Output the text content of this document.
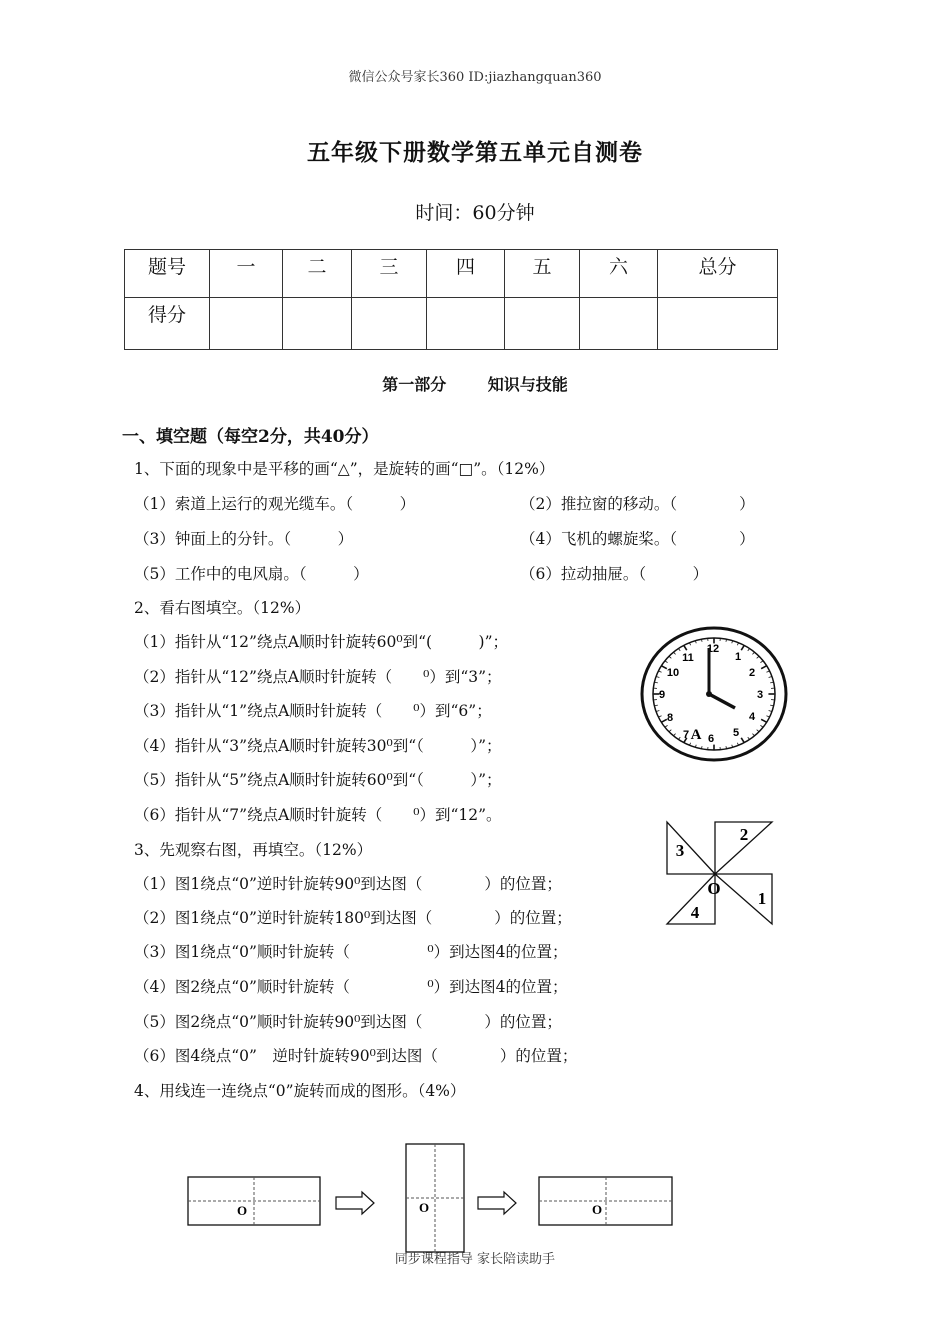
微信公众号家长360 ID:jiazhangquan360
五年级下册数学第五单元自测卷
时间：60分钟
题号	一	二	三	四	五	六	总分
得分							
第一部分	知识与技能
一、填空题（每空2分，共40分）
1、下面的现象中是平移的画“△”，是旋转的画“□”。（12%）
（1）索道上运行的观光缆车。（　　　）	（2）推拉窗的移动。（　　　　）
（3）钟面上的分针。（　　　）	（4）飞机的螺旋桨。（　　　　）
（5）工作中的电风扇。（　　　）	（6）拉动抽屉。（　　　）
2、看右图填空。（12%）
（1）指针从“12”绕点A顺时针旋转60⁰到“(　　　)”；
（2）指针从“12”绕点A顺时针旋转（　　⁰）到“3”；
（3）指针从“1”绕点A顺时针旋转（　　⁰）到“6”；
（4）指针从“3”绕点A顺时针旋转30⁰到“（　　　）”；
（5）指针从“5”绕点A顺时针旋转60⁰到“（　　　）”；
（6）指针从“7”绕点A顺时针旋转（　　⁰）到“12”。
12
1
2
3
4
5
6
7
8
9
10
11
A
3、先观察右图，再填空。（12%）
（1）图1绕点“0”逆时针旋转90⁰到达图（　　　　）的位置；
（2）图1绕点“0”逆时针旋转180⁰到达图（　　　　）的位置；
（3）图1绕点“0”顺时针旋转（　　　　　⁰）到达图4的位置；
（4）图2绕点“0”顺时针旋转（　　　　　⁰）到达图4的位置；
（5）图2绕点“0”顺时针旋转90⁰到达图（　　　　）的位置；
（6）图4绕点“0”　逆时针旋转90⁰到达图（　　　　）的位置；
1
2
3
4
O
4、用线连一连绕点“0”旋转而成的图形。（4%）
O	O	O
同步课程指导 家长陪读助手
